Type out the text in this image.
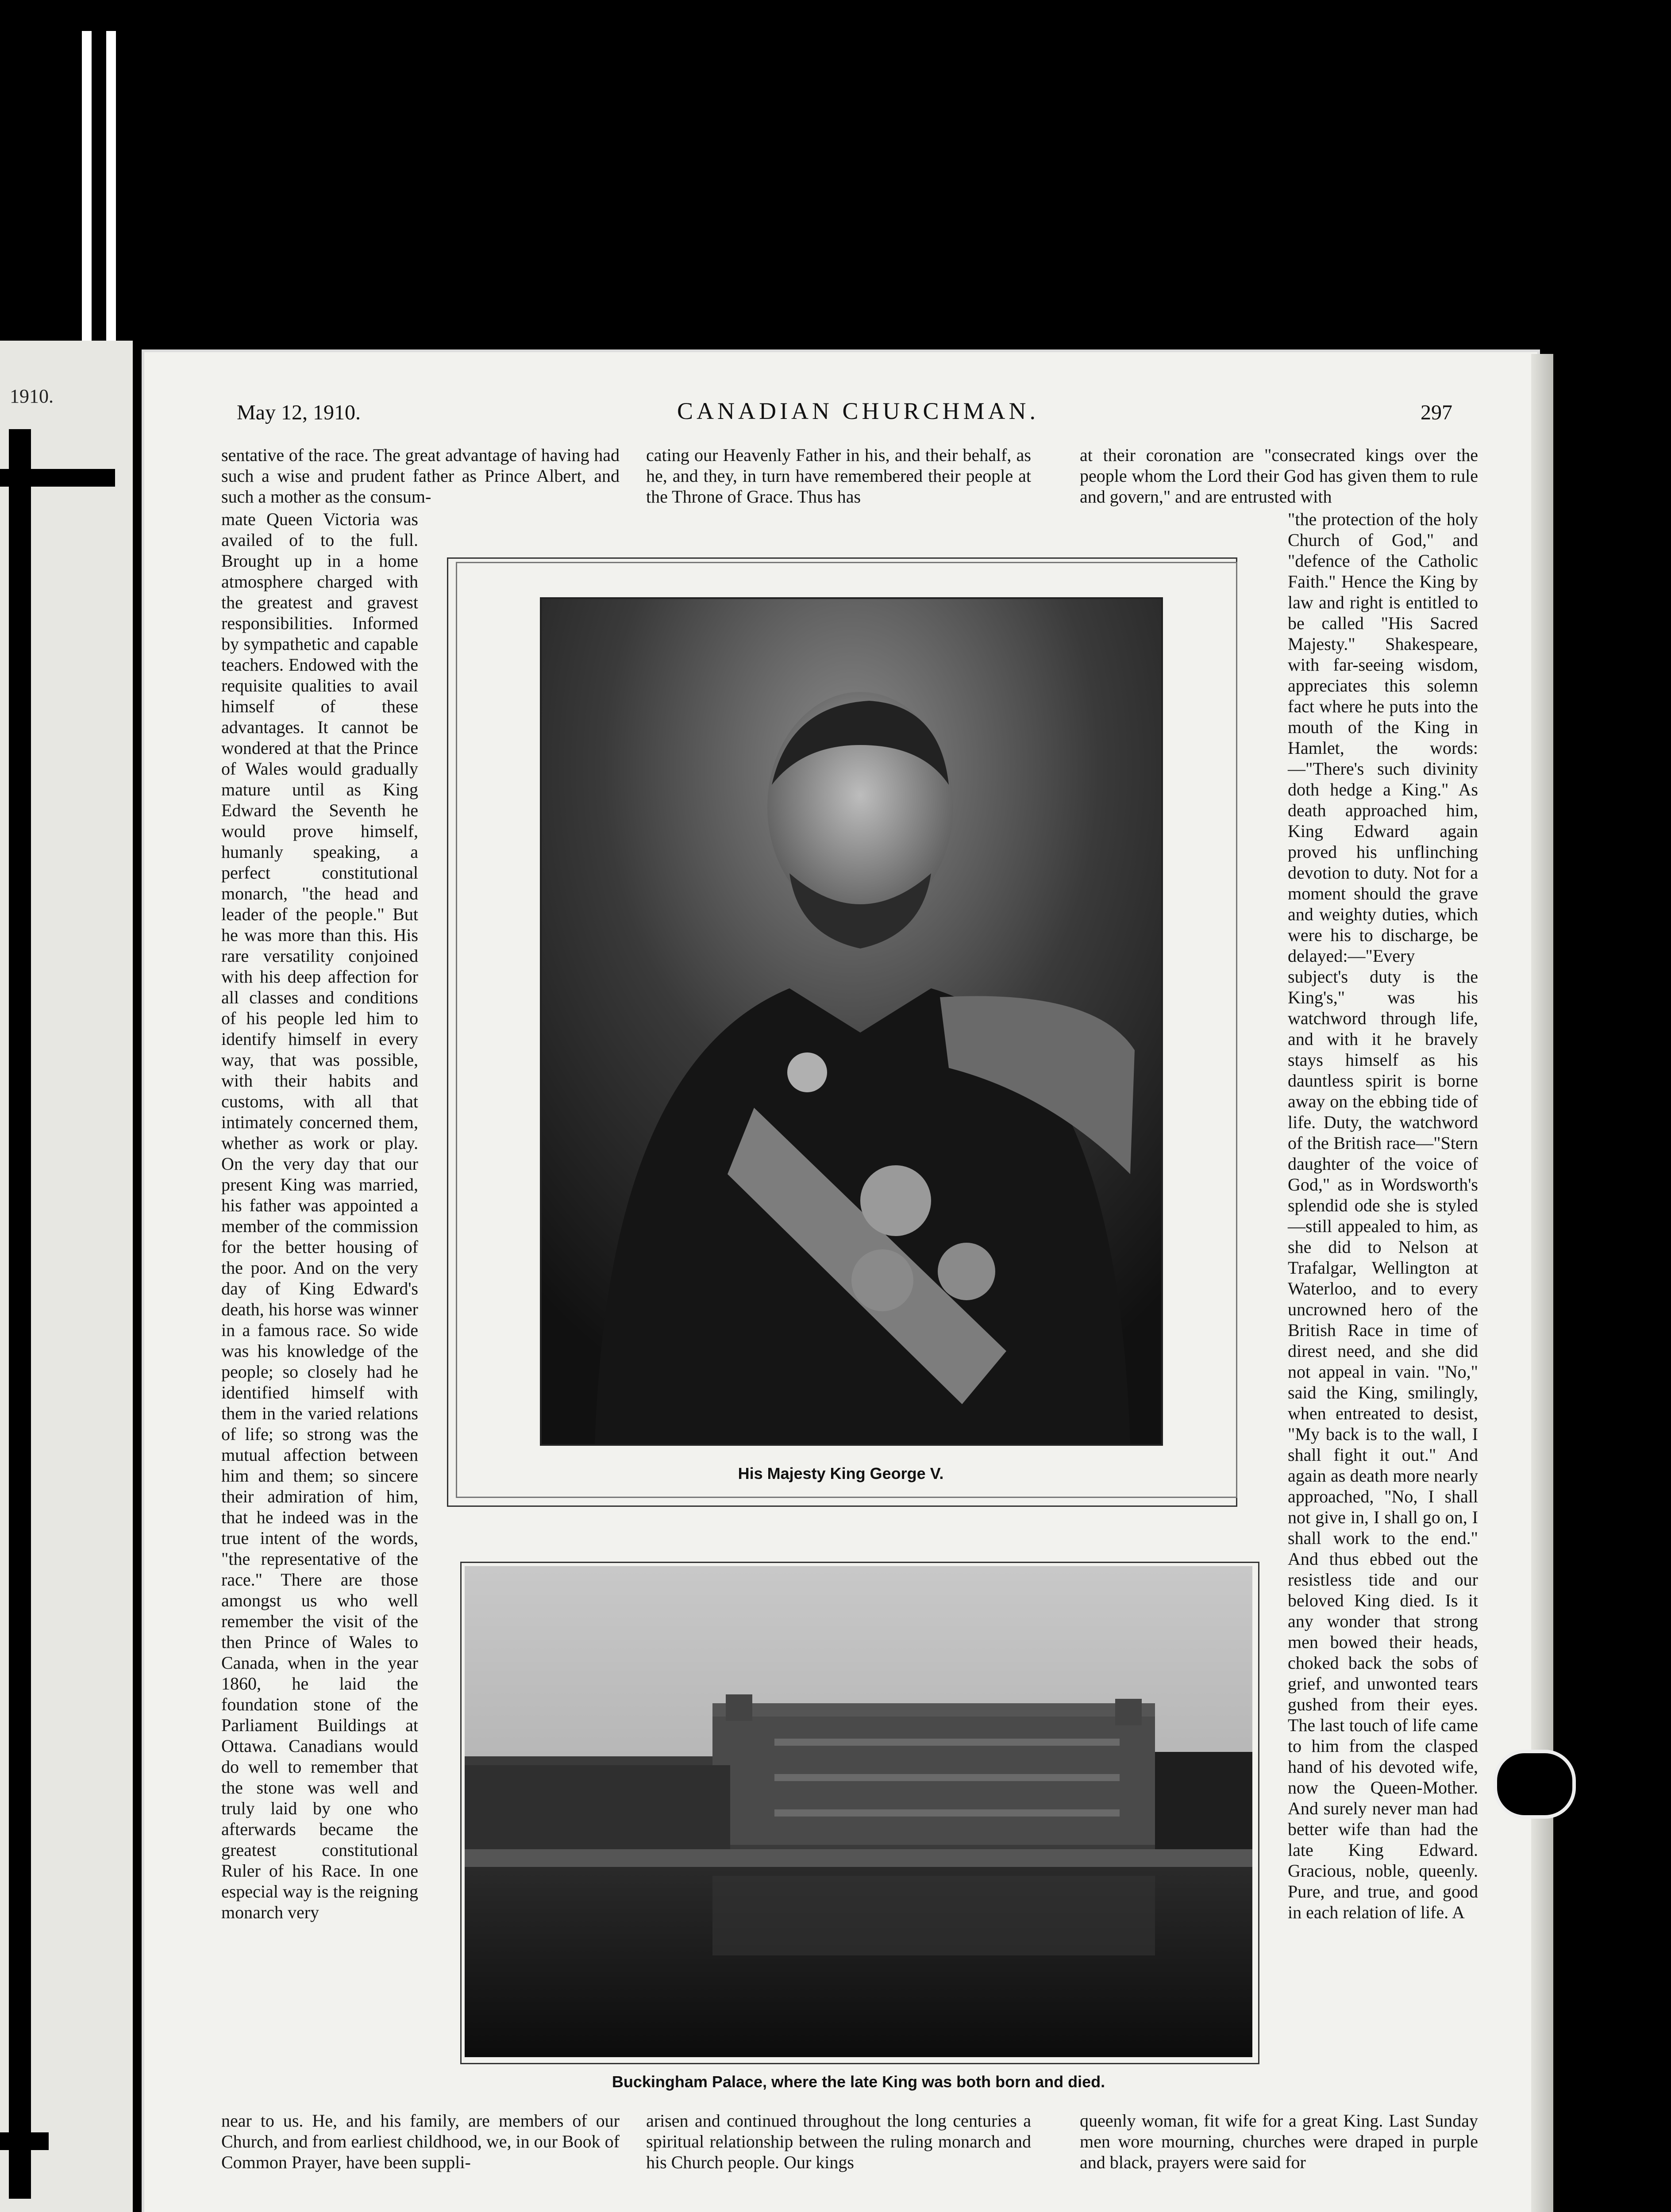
1910.
May 12, 1910.	CANADIAN CHURCHMAN.	297

sentative of the race. The great advantage of having had such a wise and prudent father as Prince Albert, and such a mother as the consum-

mate Queen Victoria was availed of to the full. Brought up in a home atmosphere charged with the greatest and gravest responsibilities. Informed by sympathetic and capable teachers. Endowed with the requisite qualities to avail himself of these advantages. It cannot be wondered at that the Prince of Wales would gradually mature until as King Edward the Seventh he would prove himself, humanly speaking, a perfect constitutional monarch, "the head and leader of the people." But he was more than this. His rare versatility conjoined with his deep affection for all classes and conditions of his people led him to identify himself in every way, that was possible, with their habits and customs, with all that intimately concerned them, whether as work or play. On the very day that our present King was married, his father was appointed a member of the commission for the better housing of the poor. And on the very day of King Edward's death, his horse was winner in a famous race. So wide was his knowledge of the people; so closely had he identified himself with them in the varied relations of life; so strong was the mutual affection between him and them; so sincere their admiration of him, that he indeed was in the true intent of the words, "the representative of the race." There are those amongst us who well remember the visit of the then Prince of Wales to Canada, when in the year 1860, he laid the foundation stone of the Parliament Buildings at Ottawa. Canadians would do well to remember that the stone was well and truly laid by one who afterwards became the greatest constitutional Ruler of his Race. In one especial way is the reigning monarch very

near to us. He, and his family, are members of our Church, and from earliest childhood, we, in our Book of Common Prayer, have been suppli-

cating our Heavenly Father in his, and their behalf, as he, and they, in turn have remembered their people at the Throne of Grace. Thus has

arisen and continued throughout the long centuries a spiritual relationship between the ruling monarch and his Church people. Our kings

at their coronation are "consecrated kings over the people whom the Lord their God has given them to rule and govern," and are entrusted with

"the protection of the holy Church of God," and "defence of the Catholic Faith." Hence the King by law and right is entitled to be called "His Sacred Majesty." Shakespeare, with far-seeing wisdom, appreciates this solemn fact where he puts into the mouth of the King in Hamlet, the words:—"There's such divinity doth hedge a King." As death approached him, King Edward again proved his unflinching devotion to duty. Not for a moment should the grave and weighty duties, which were his to discharge, be delayed:—"Every subject's duty is the King's," was his watchword through life, and with it he bravely stays himself as his dauntless spirit is borne away on the ebbing tide of life. Duty, the watchword of the British race—"Stern daughter of the voice of God," as in Wordsworth's splendid ode she is styled—still appealed to him, as she did to Nelson at Trafalgar, Wellington at Waterloo, and to every uncrowned hero of the British Race in time of direst need, and she did not appeal in vain. "No," said the King, smilingly, when entreated to desist, "My back is to the wall, I shall fight it out." And again as death more nearly approached, "No, I shall not give in, I shall go on, I shall work to the end." And thus ebbed out the resistless tide and our beloved King died. Is it any wonder that strong men bowed their heads, choked back the sobs of grief, and unwonted tears gushed from their eyes. The last touch of life came to him from the clasped hand of his devoted wife, now the Queen-Mother. And surely never man had better wife than had the late King Edward. Gracious, noble, queenly. Pure, and true, and good in each relation of life. A

queenly woman, fit wife for a great King. Last Sunday men wore mourning, churches were draped in purple and black, prayers were said for

His Majesty King George V.
Buckingham Palace, where the late King was both born and died.
